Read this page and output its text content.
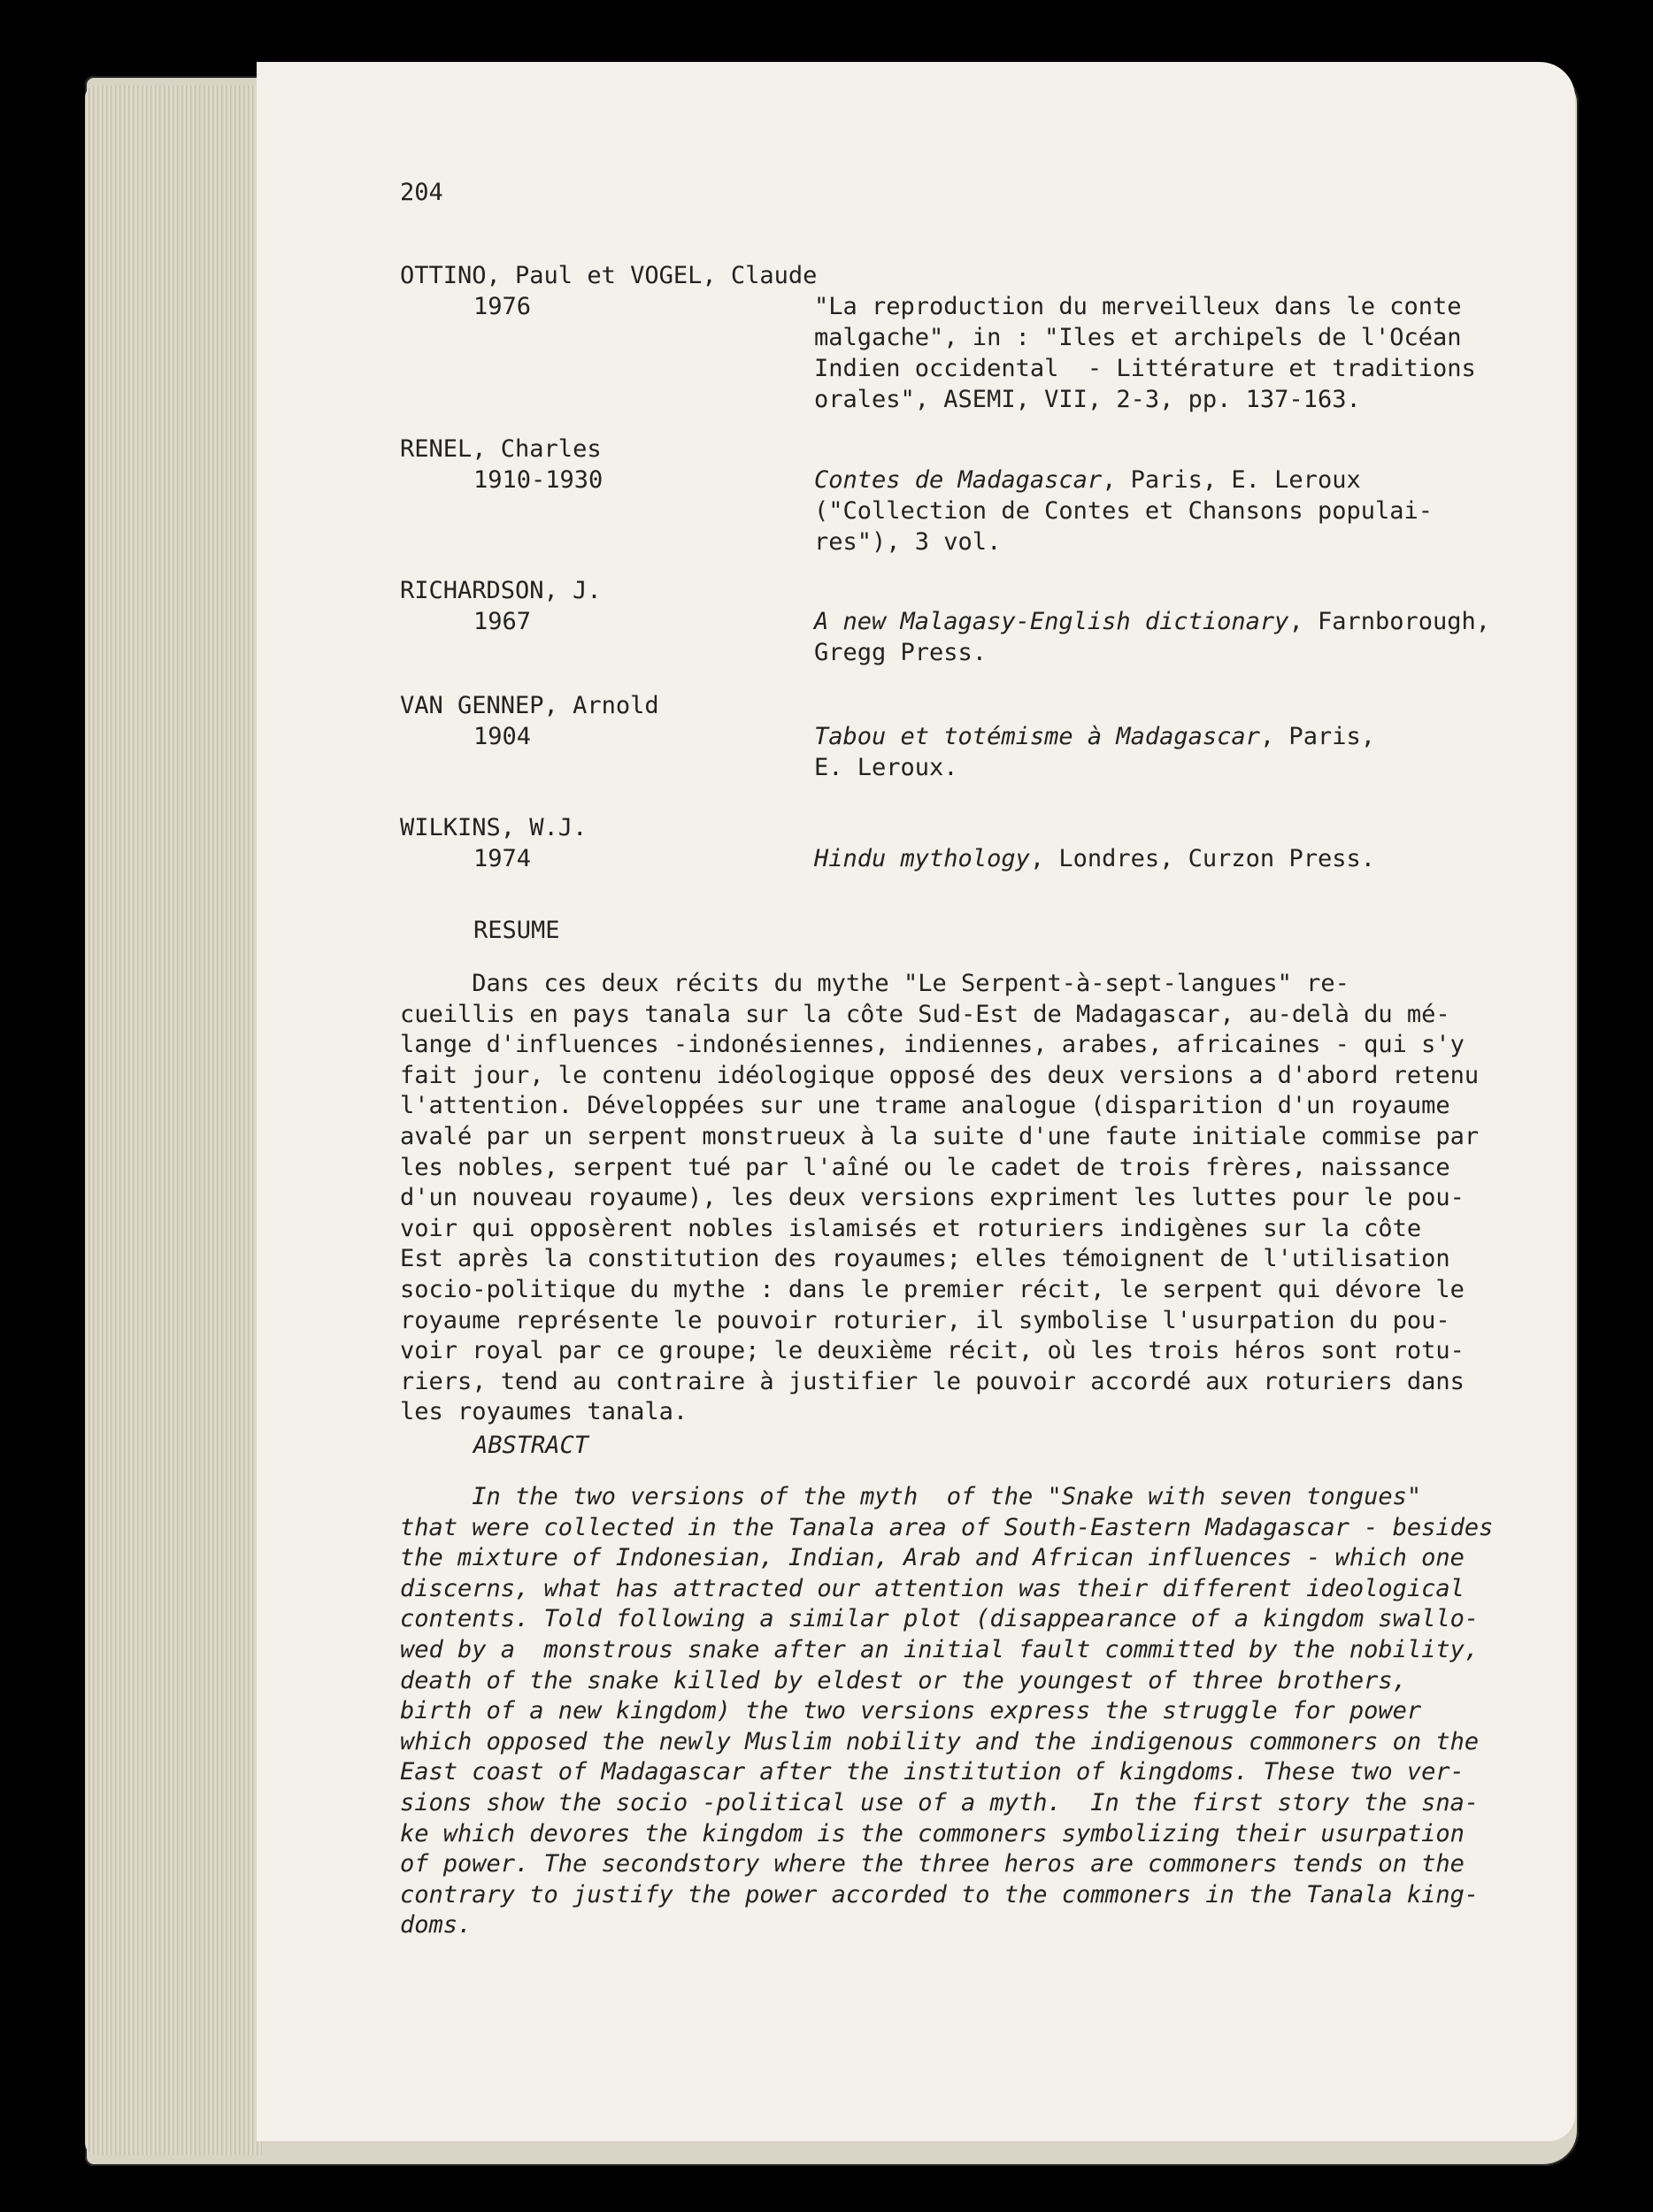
204
OTTINO, Paul et VOGEL, Claude
1976	"La reproduction du merveilleux dans le conte
malgache", in : "Iles et archipels de l'Océan
Indien occidental  - Littérature et traditions
orales", ASEMI, VII, 2-3, pp. 137-163.
RENEL, Charles
1910-1930	Contes de Madagascar, Paris, E. Leroux
("Collection de Contes et Chansons populai-
res"), 3 vol.
RICHARDSON, J.
1967	A new Malagasy-English dictionary, Farnborough,
Gregg Press.
VAN GENNEP, Arnold
1904	Tabou et totémisme à Madagascar, Paris,
E. Leroux.
WILKINS, W.J.
1974	Hindu mythology, Londres, Curzon Press.
RESUME
Dans ces deux récits du mythe "Le Serpent-à-sept-langues" re-
cueillis en pays tanala sur la côte Sud-Est de Madagascar, au-delà du mé-
lange d'influences -indonésiennes, indiennes, arabes, africaines - qui s'y
fait jour, le contenu idéologique opposé des deux versions a d'abord retenu
l'attention. Développées sur une trame analogue (disparition d'un royaume
avalé par un serpent monstrueux à la suite d'une faute initiale commise par
les nobles, serpent tué par l'aîné ou le cadet de trois frères, naissance
d'un nouveau royaume), les deux versions expriment les luttes pour le pou-
voir qui opposèrent nobles islamisés et roturiers indigènes sur la côte
Est après la constitution des royaumes; elles témoignent de l'utilisation
socio-politique du mythe : dans le premier récit, le serpent qui dévore le
royaume représente le pouvoir roturier, il symbolise l'usurpation du pou-
voir royal par ce groupe; le deuxième récit, où les trois héros sont rotu-
riers, tend au contraire à justifier le pouvoir accordé aux roturiers dans
les royaumes tanala.
ABSTRACT
In the two versions of the myth  of the "Snake with seven tongues"
that were collected in the Tanala area of South-Eastern Madagascar - besides
the mixture of Indonesian, Indian, Arab and African influences - which one
discerns, what has attracted our attention was their different ideological
contents. Told following a similar plot (disappearance of a kingdom swallo-
wed by a  monstrous snake after an initial fault committed by the nobility,
death of the snake killed by eldest or the youngest of three brothers,
birth of a new kingdom) the two versions express the struggle for power
which opposed the newly Muslim nobility and the indigenous commoners on the
East coast of Madagascar after the institution of kingdoms. These two ver-
sions show the socio -political use of a myth.  In the first story the sna-
ke which devores the kingdom is the commoners symbolizing their usurpation
of power. The secondstory where the three heros are commoners tends on the
contrary to justify the power accorded to the commoners in the Tanala king-
doms.
